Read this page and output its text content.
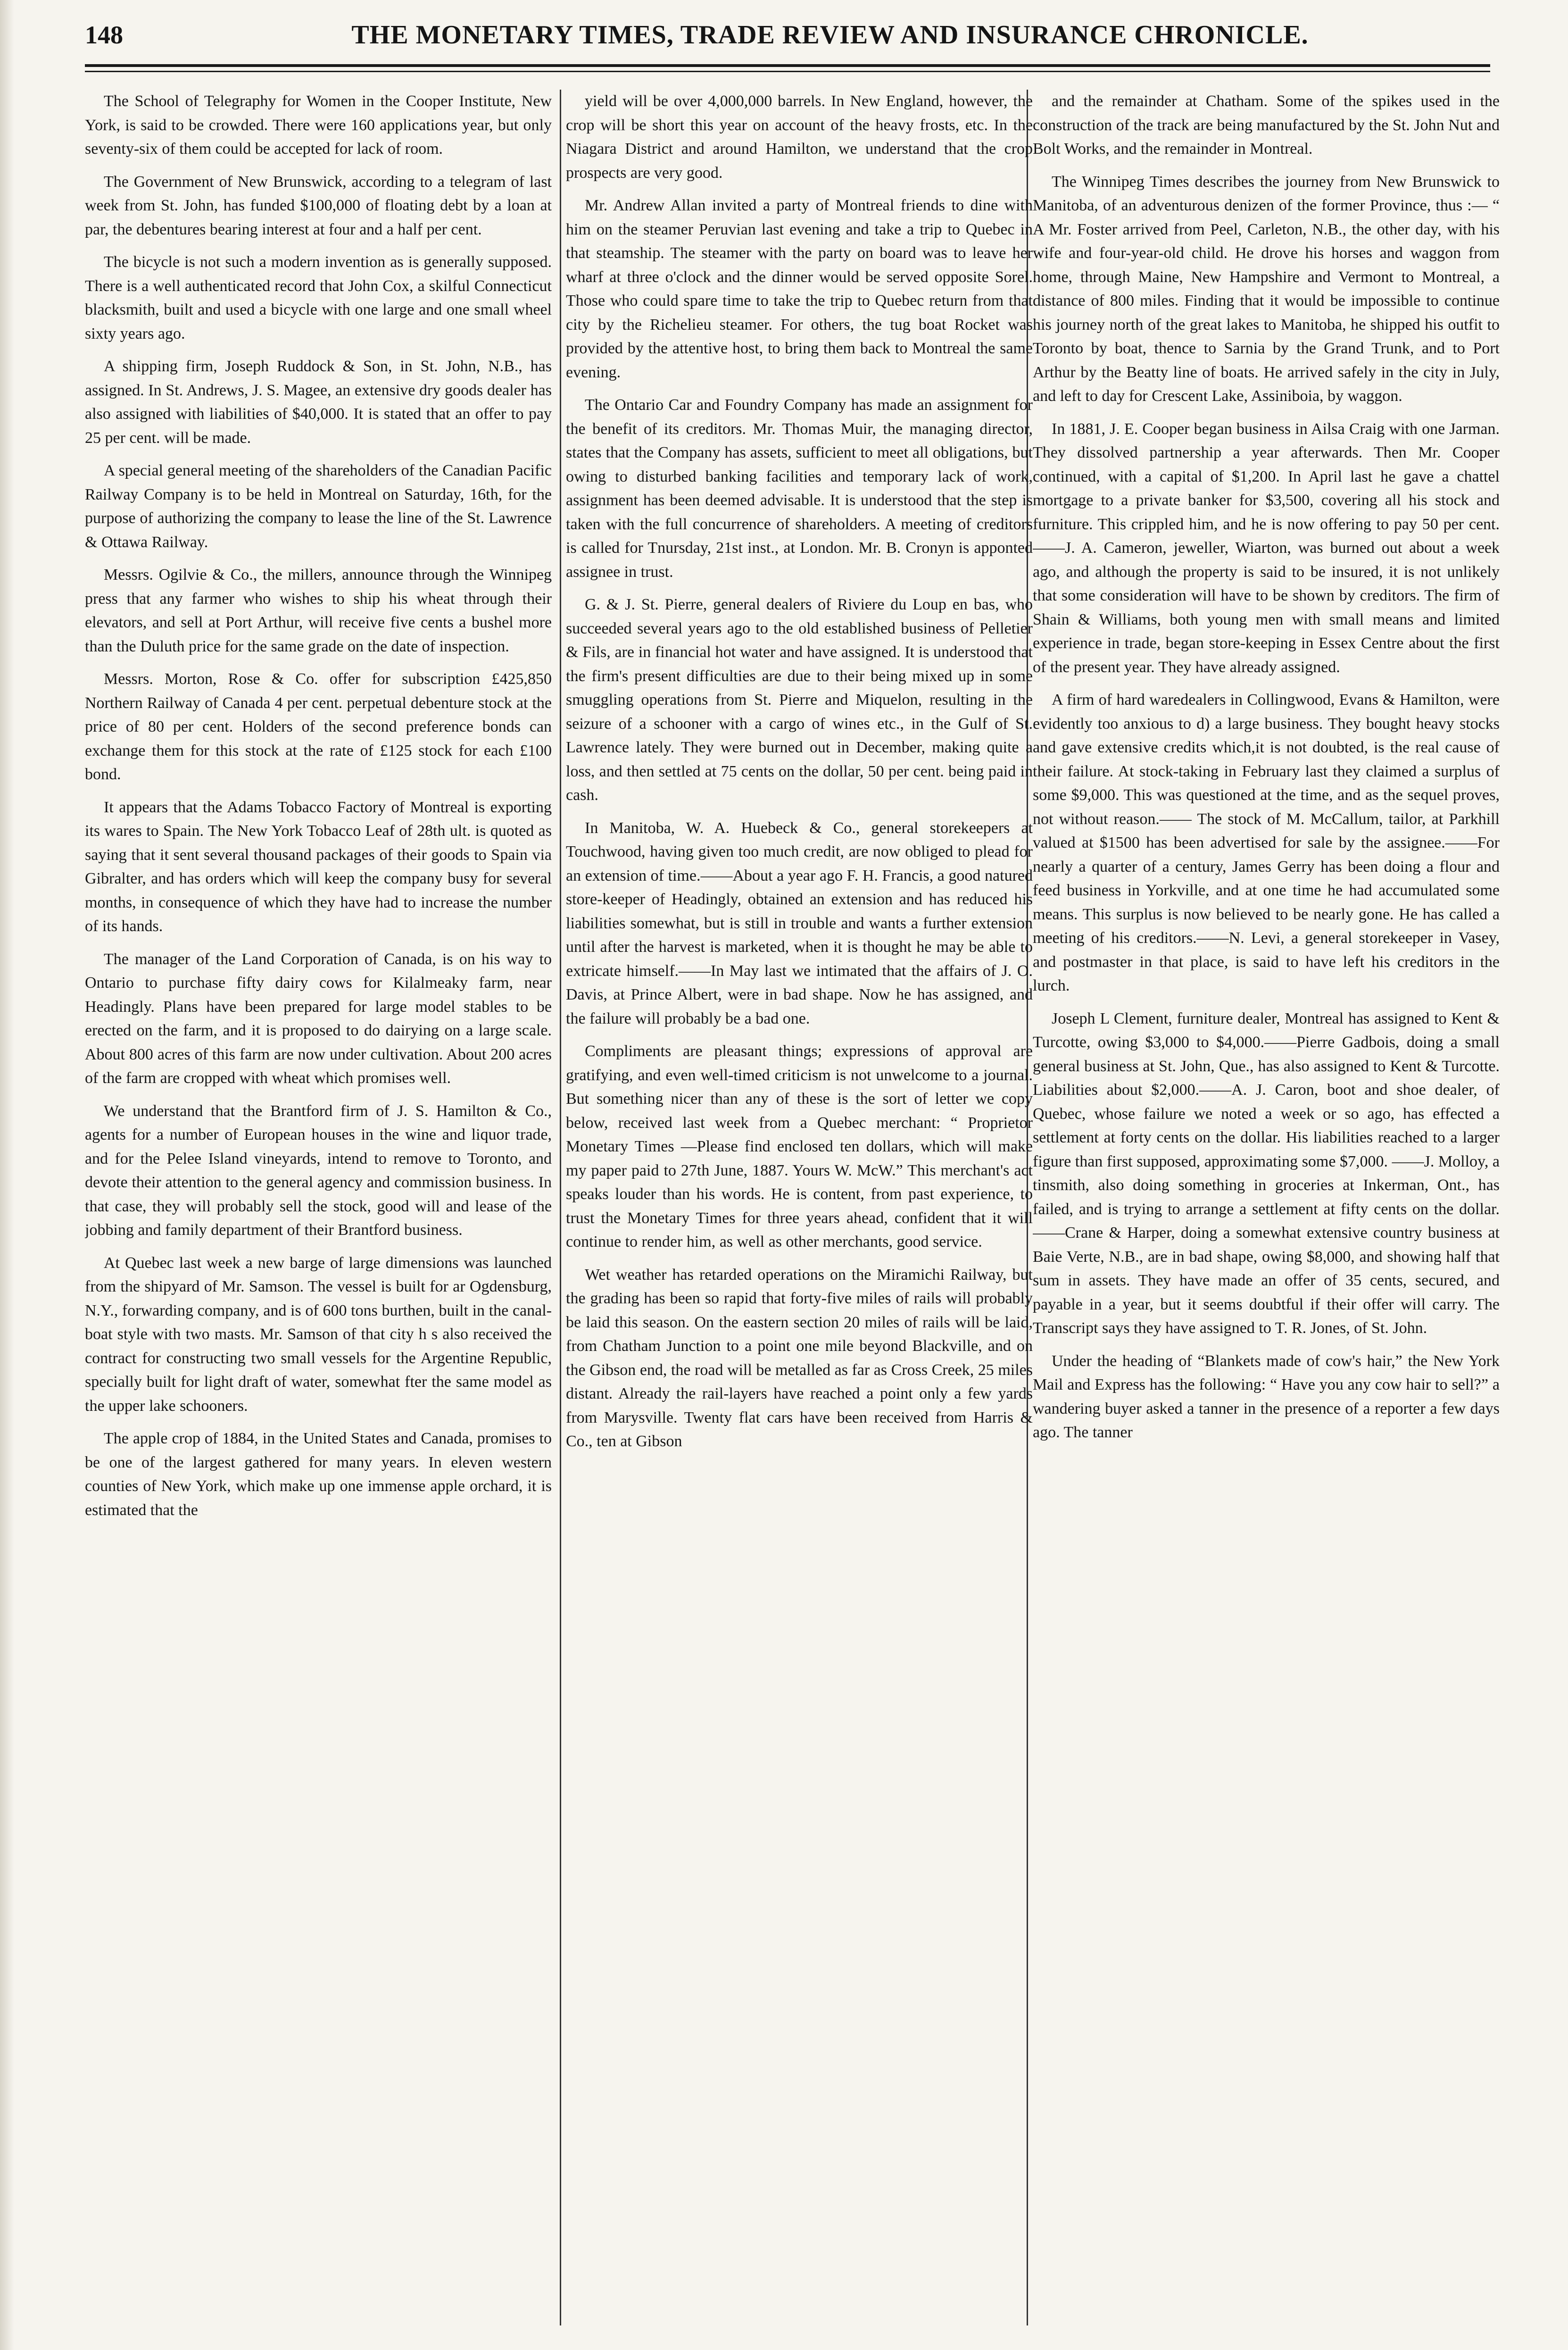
148	THE MONETARY TIMES, TRADE REVIEW AND INSURANCE CHRONICLE.

The School of Telegraphy for Women in the Cooper Institute, New York, is said to be crowded. There were 160 applications year, but only seventy-six of them could be accepted for lack of room.

The Government of New Brunswick, according to a telegram of last week from St. John, has funded $100,000 of floating debt by a loan at par, the debentures bearing interest at four and a half per cent.

The bicycle is not such a modern invention as is generally supposed. There is a well authenticated record that John Cox, a skilful Connecticut blacksmith, built and used a bicycle with one large and one small wheel sixty years ago.

A shipping firm, Joseph Ruddock & Son, in St. John, N.B., has assigned. In St. Andrews, J. S. Magee, an extensive dry goods dealer has also assigned with liabilities of $40,000. It is stated that an offer to pay 25 per cent. will be made.

A special general meeting of the shareholders of the Canadian Pacific Railway Company is to be held in Montreal on Saturday, 16th, for the purpose of authorizing the company to lease the line of the St. Lawrence & Ottawa Railway.

Messrs. Ogilvie & Co., the millers, announce through the Winnipeg press that any farmer who wishes to ship his wheat through their elevators, and sell at Port Arthur, will receive five cents a bushel more than the Duluth price for the same grade on the date of inspection.

Messrs. Morton, Rose & Co. offer for subscription £425,850 Northern Railway of Canada 4 per cent. perpetual debenture stock at the price of 80 per cent. Holders of the second preference bonds can exchange them for this stock at the rate of £125 stock for each £100 bond.

It appears that the Adams Tobacco Factory of Montreal is exporting its wares to Spain. The New York Tobacco Leaf of 28th ult. is quoted as saying that it sent several thousand packages of their goods to Spain via Gibralter, and has orders which will keep the company busy for several months, in consequence of which they have had to increase the number of its hands.

The manager of the Land Corporation of Canada, is on his way to Ontario to purchase fifty dairy cows for Kilalmeaky farm, near Headingly. Plans have been prepared for large model stables to be erected on the farm, and it is proposed to do dairying on a large scale. About 800 acres of this farm are now under cultivation. About 200 acres of the farm are cropped with wheat which promises well.

We understand that the Brantford firm of J. S. Hamilton & Co., agents for a number of European houses in the wine and liquor trade, and for the Pelee Island vineyards, intend to remove to Toronto, and devote their attention to the general agency and commission business. In that case, they will probably sell the stock, good will and lease of the jobbing and family department of their Brantford business.

At Quebec last week a new barge of large dimensions was launched from the shipyard of Mr. Samson. The vessel is built for ar Ogdensburg, N.Y., forwarding company, and is of 600 tons burthen, built in the canal-boat style with two masts. Mr. Samson of that city h s also received the contract for constructing two small vessels for the Argentine Republic, specially built for light draft of water, somewhat fter the same model as the upper lake schooners.

The apple crop of 1884, in the United States and Canada, promises to be one of the largest gathered for many years. In eleven western counties of New York, which make up one immense apple orchard, it is estimated that the

yield will be over 4,000,000 barrels. In New England, however, the crop will be short this year on account of the heavy frosts, etc. In the Niagara District and around Hamilton, we understand that the crop prospects are very good.

Mr. Andrew Allan invited a party of Montreal friends to dine with him on the steamer Peruvian last evening and take a trip to Quebec in that steamship. The steamer with the party on board was to leave her wharf at three o'clock and the dinner would be served opposite Sorel. Those who could spare time to take the trip to Quebec return from that city by the Richelieu steamer. For others, the tug boat Rocket was provided by the attentive host, to bring them back to Montreal the same evening.

The Ontario Car and Foundry Company has made an assignment for the benefit of its creditors. Mr. Thomas Muir, the managing director, states that the Company has assets, sufficient to meet all obligations, but owing to disturbed banking facilities and temporary lack of work, assignment has been deemed advisable. It is understood that the step is taken with the full concurrence of shareholders. A meeting of creditors is called for Tnursday, 21st inst., at London. Mr. B. Cronyn is apponted assignee in trust.

G. & J. St. Pierre, general dealers of Riviere du Loup en bas, who succeeded several years ago to the old established business of Pelletier & Fils, are in financial hot water and have assigned. It is understood that the firm's present difficulties are due to their being mixed up in some smuggling operations from St. Pierre and Miquelon, resulting in the seizure of a schooner with a cargo of wines etc., in the Gulf of St. Lawrence lately. They were burned out in December, making quite a loss, and then settled at 75 cents on the dollar, 50 per cent. being paid in cash.

In Manitoba, W. A. Huebeck & Co., general storekeepers at Touchwood, having given too much credit, are now obliged to plead for an extension of time.——About a year ago F. H. Francis, a good natured store-keeper of Headingly, obtained an extension and has reduced his liabilities somewhat, but is still in trouble and wants a further extension until after the harvest is marketed, when it is thought he may be able to extricate himself.——In May last we intimated that the affairs of J. O. Davis, at Prince Albert, were in bad shape. Now he has assigned, and the failure will probably be a bad one.

Compliments are pleasant things; expressions of approval are gratifying, and even well-timed criticism is not unwelcome to a journal. But something nicer than any of these is the sort of letter we copy below, received last week from a Quebec merchant: “ Proprietor Monetary Times —Please find enclosed ten dollars, which will make my paper paid to 27th June, 1887. Yours W. McW.” This merchant's act speaks louder than his words. He is content, from past experience, to trust the Monetary Times for three years ahead, confident that it will continue to render him, as well as other merchants, good service.

Wet weather has retarded operations on the Miramichi Railway, but the grading has been so rapid that forty-five miles of rails will probably be laid this season. On the eastern section 20 miles of rails will be laid, from Chatham Junction to a point one mile beyond Blackville, and on the Gibson end, the road will be metalled as far as Cross Creek, 25 miles distant. Already the rail-layers have reached a point only a few yards from Marysville. Twenty flat cars have been received from Harris & Co., ten at Gibson

and the remainder at Chatham. Some of the spikes used in the construction of the track are being manufactured by the St. John Nut and Bolt Works, and the remainder in Montreal.

The Winnipeg Times describes the journey from New Brunswick to Manitoba, of an adventurous denizen of the former Province, thus :— “ A Mr. Foster arrived from Peel, Carleton, N.B., the other day, with his wife and four-year-old child. He drove his horses and waggon from home, through Maine, New Hampshire and Vermont to Montreal, a distance of 800 miles. Finding that it would be impossible to continue his journey north of the great lakes to Manitoba, he shipped his outfit to Toronto by boat, thence to Sarnia by the Grand Trunk, and to Port Arthur by the Beatty line of boats. He arrived safely in the city in July, and left to day for Crescent Lake, Assiniboia, by waggon.

In 1881, J. E. Cooper began business in Ailsa Craig with one Jarman. They dissolved partnership a year afterwards. Then Mr. Cooper continued, with a capital of $1,200. In April last he gave a chattel mortgage to a private banker for $3,500, covering all his stock and furniture. This crippled him, and he is now offering to pay 50 per cent.——J. A. Cameron, jeweller, Wiarton, was burned out about a week ago, and although the property is said to be insured, it is not unlikely that some consideration will have to be shown by creditors. The firm of Shain & Williams, both young men with small means and limited experience in trade, began store-keeping in Essex Centre about the first of the present year. They have already assigned.

A firm of hard waredealers in Collingwood, Evans & Hamilton, were evidently too anxious to d) a large business. They bought heavy stocks and gave extensive credits which,it is not doubted, is the real cause of their failure. At stock-taking in February last they claimed a surplus of some $9,000. This was questioned at the time, and as the sequel proves, not without reason.—— The stock of M. McCallum, tailor, at Parkhill valued at $1500 has been advertised for sale by the assignee.——For nearly a quarter of a century, James Gerry has been doing a flour and feed business in Yorkville, and at one time he had accumulated some means. This surplus is now believed to be nearly gone. He has called a meeting of his creditors.——N. Levi, a general storekeeper in Vasey, and postmaster in that place, is said to have left his creditors in the lurch.

Joseph L Clement, furniture dealer, Montreal has assigned to Kent & Turcotte, owing $3,000 to $4,000.——Pierre Gadbois, doing a small general business at St. John, Que., has also assigned to Kent & Turcotte. Liabilities about $2,000.——A. J. Caron, boot and shoe dealer, of Quebec, whose failure we noted a week or so ago, has effected a settlement at forty cents on the dollar. His liabilities reached to a larger figure than first supposed, approximating some $7,000. ——J. Molloy, a tinsmith, also doing something in groceries at Inkerman, Ont., has failed, and is trying to arrange a settlement at fifty cents on the dollar.——Crane & Harper, doing a somewhat extensive country business at Baie Verte, N.B., are in bad shape, owing $8,000, and showing half that sum in assets. They have made an offer of 35 cents, secured, and payable in a year, but it seems doubtful if their offer will carry. The Transcript says they have assigned to T. R. Jones, of St. John.

Under the heading of “Blankets made of cow's hair,” the New York Mail and Express has the following: “ Have you any cow hair to sell?” a wandering buyer asked a tanner in the presence of a reporter a few days ago. The tanner
